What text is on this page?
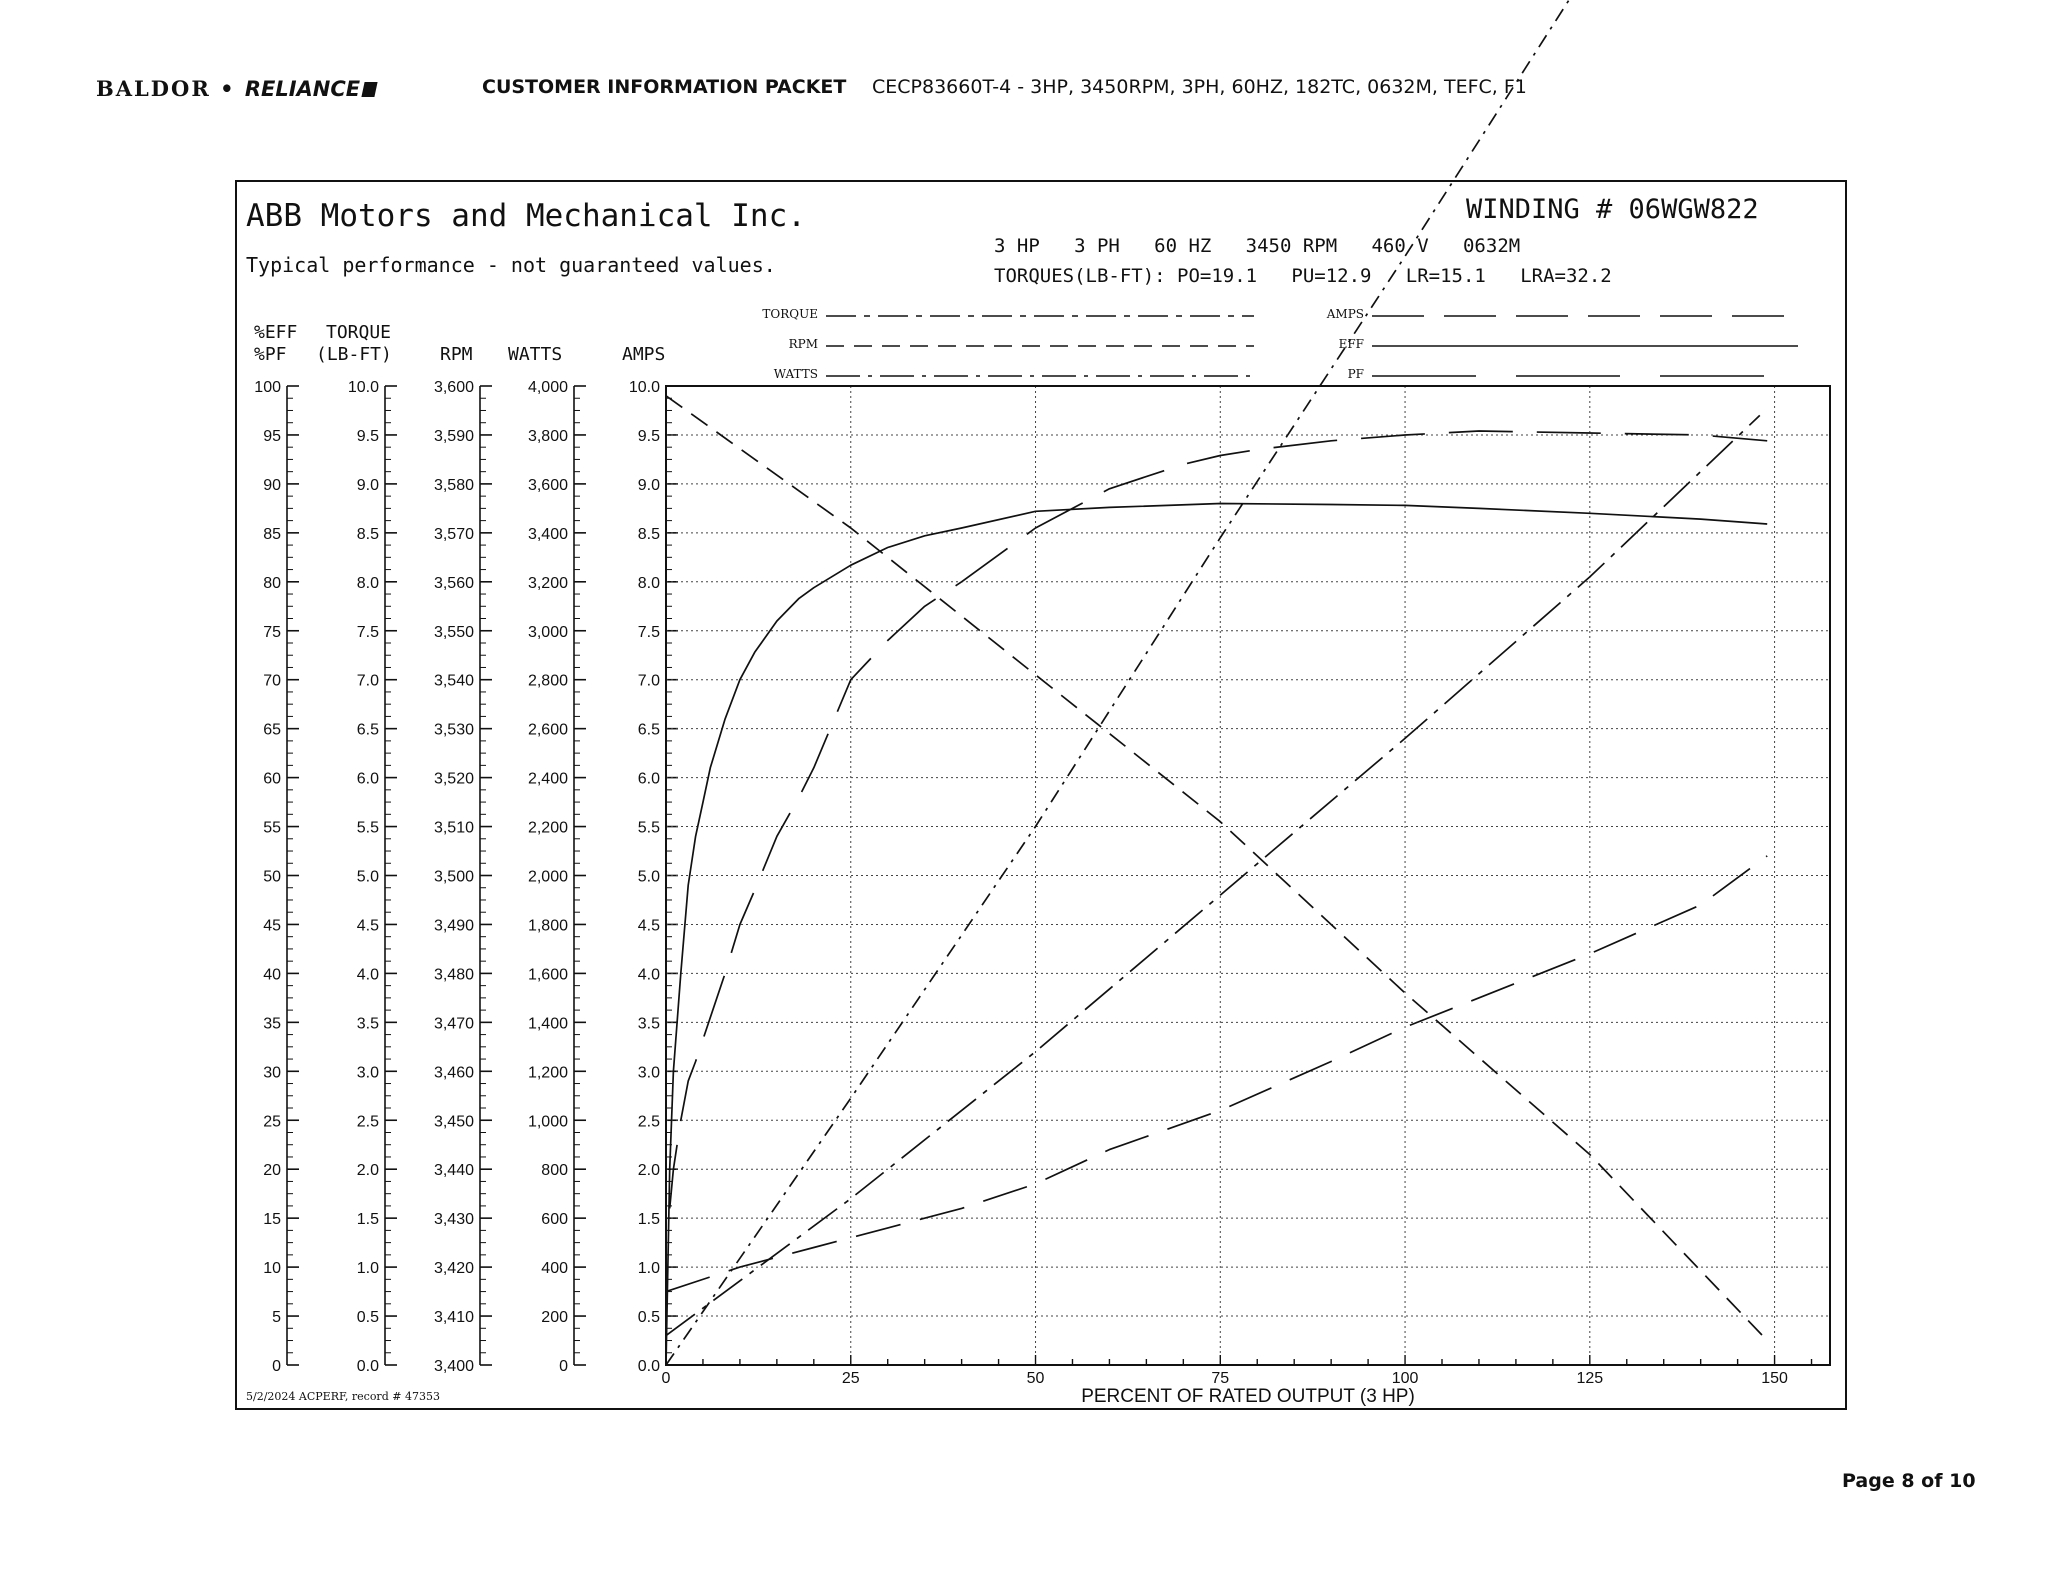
BALDOR • RELIANCE	CUSTOMER INFORMATION PACKET CECP83660T-4 - 3HP, 3450RPM, 3PH, 60HZ, 182TC, 0632M, TEFC, F1
ABB Motors and Mechanical Inc.
Typical performance - not guaranteed values.
WINDING # 06WGW822
3 HP   3 PH   60 HZ   3450 RPM   460 V   0632M
TORQUES(LB-FT): PO=19.1   PU=12.9   LR=15.1   LRA=32.2
TORQUE
RPM
WATTS
AMPS
EFF
PF
%EFF
%PF
TORQUE
(LB-FT)	RPM WATTS	AMPS
0
5
10
15
20
25
30
35
40
45
50
55
60
65
70
75
80
85
90
95
100
0.0
0.5
1.0
1.5
2.0
2.5
3.0
3.5
4.0
4.5
5.0
5.5
6.0
6.5
7.0
7.5
8.0
8.5
9.0
9.5
10.0
3,400
3,410
3,420
3,430
3,440
3,450
3,460
3,470
3,480
3,490
3,500
3,510
3,520
3,530
3,540
3,550
3,560
3,570
3,580
3,590
3,600
0
200
400
600
800
1,000
1,200
1,400
1,600
1,800
2,000
2,200
2,400
2,600
2,800
3,000
3,200
3,400
3,600
3,800
4,000
0.0
0.5
1.0
1.5
2.0
2.5
3.0
3.5
4.0
4.5
5.0
5.5
6.0
6.5
7.0
7.5
8.0
8.5
9.0
9.5
10.0
0	25	50	75	100	125	150
PERCENT OF RATED OUTPUT (3 HP)
5/2/2024 ACPERF, record # 47353
Page 8 of 10
